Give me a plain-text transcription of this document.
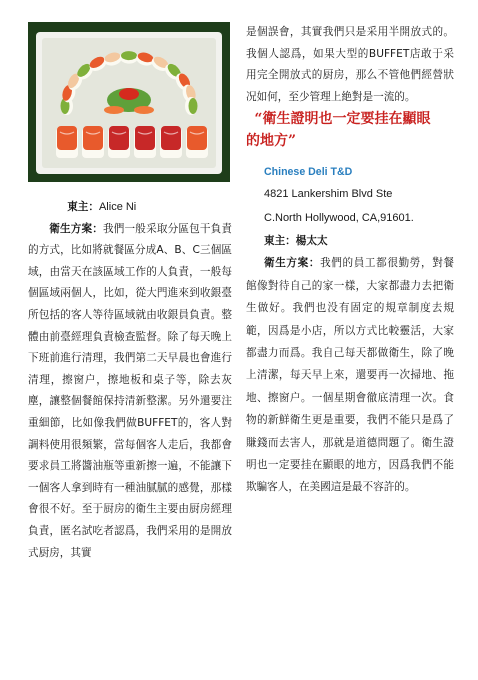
東主：Alice Ni

衛生方案：我們一般采取分區包干負責的方式，比如將就餐區分成A、B、C三個區域，由當天在該區域工作的人負責，一般每個區域兩個人，比如，從大門進來到收銀臺所包括的客人等待區域就由收銀員負責。整體由前臺經理負責檢查監督。除了每天晚上下班前進行清理，我們第二天早晨也會進行清理，擦窗户，擦地板和桌子等，除去灰塵，讓整個餐館保持清新整潔。另外還要注重細節，比如像我們做BUFFET的，客人對調料使用很頻繁，當每個客人走后，我都會要求員工將醬油瓶等重新擦一遍，不能讓下一個客人拿到時有一種油膩膩的感覺，那樣會很不好。至于厨房的衛生主要由厨房經理負責，匿名試吃者認爲，我們采用的是開放式厨房，其實

是個誤會，其實我們只是采用半開放式的。我個人認爲，如果大型的BUFFET店敢于采用完全開放式的厨房，那么不管他們經營狀况如何，至少管理上絶對是一流的。

“衛生證明也一定要挂在顯眼

的地方”

Chinese Deli T&D

4821 Lankershim Blvd Ste

C.North Hollywood, CA,91601.

東主：楊太太

衛生方案：我們的員工都很勤勞，對餐館像對待自己的家一樣，大家都盡力去把衛生做好。我們也没有固定的規章制度去規範，因爲是小店，所以方式比較靈活，大家都盡力而爲。我自己每天都做衛生，除了晚上清潔，每天早上來，還要再一次掃地、拖地、擦窗户。一個星期會徹底清理一次。食物的新鮮衛生更是重要，我們不能只是爲了賺錢而去害人，那就是道德問題了。衛生證明也一定要挂在顯眼的地方，因爲我們不能欺騙客人，在美國這是最不容許的。
